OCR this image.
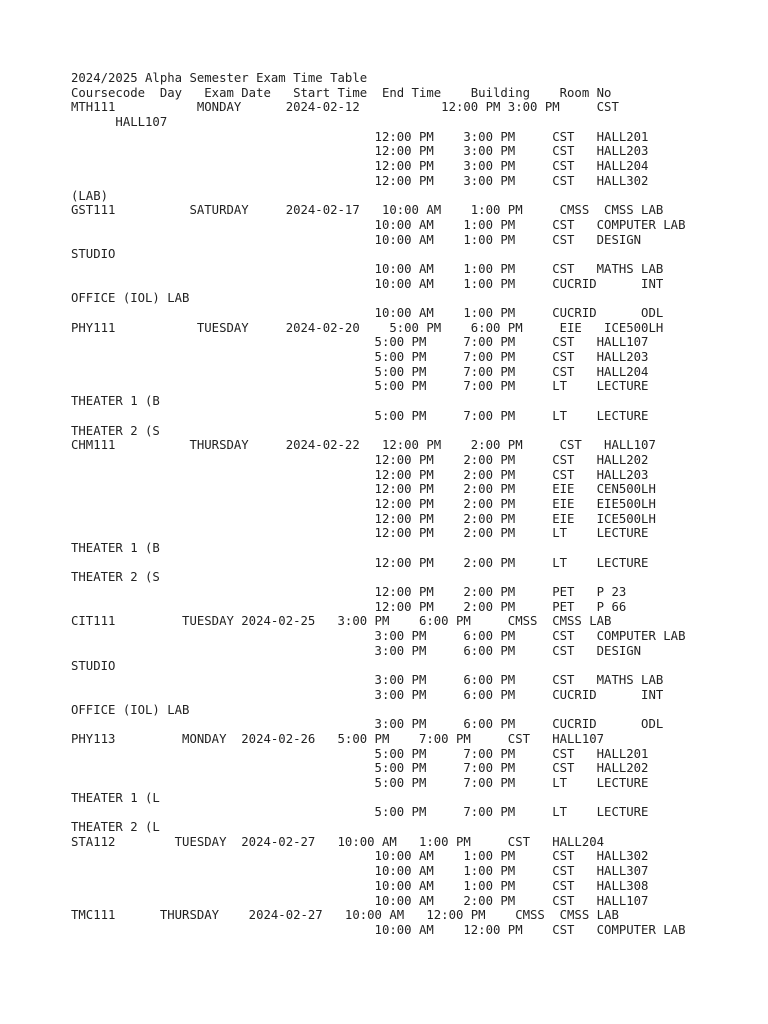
2024/2025 Alpha Semester Exam Time Table
Coursecode  Day   Exam Date   Start Time  End Time    Building    Room No
MTH111           MONDAY      2024-02-12           12:00 PM 3:00 PM     CST
HALL107
12:00 PM    3:00 PM     CST   HALL201
12:00 PM    3:00 PM     CST   HALL203
12:00 PM    3:00 PM     CST   HALL204
12:00 PM    3:00 PM     CST   HALL302
(LAB)
GST111          SATURDAY     2024-02-17   10:00 AM    1:00 PM     CMSS  CMSS LAB
10:00 AM    1:00 PM     CST   COMPUTER LAB
10:00 AM    1:00 PM     CST   DESIGN
STUDIO
10:00 AM    1:00 PM     CST   MATHS LAB
10:00 AM    1:00 PM     CUCRID      INT
OFFICE (IOL) LAB
10:00 AM    1:00 PM     CUCRID      ODL
PHY111           TUESDAY     2024-02-20    5:00 PM    6:00 PM     EIE   ICE500LH
5:00 PM     7:00 PM     CST   HALL107
5:00 PM     7:00 PM     CST   HALL203
5:00 PM     7:00 PM     CST   HALL204
5:00 PM     7:00 PM     LT    LECTURE
THEATER 1 (B
5:00 PM     7:00 PM     LT    LECTURE
THEATER 2 (S
CHM111          THURSDAY     2024-02-22   12:00 PM    2:00 PM     CST   HALL107
12:00 PM    2:00 PM     CST   HALL202
12:00 PM    2:00 PM     CST   HALL203
12:00 PM    2:00 PM     EIE   CEN500LH
12:00 PM    2:00 PM     EIE   EIE500LH
12:00 PM    2:00 PM     EIE   ICE500LH
12:00 PM    2:00 PM     LT    LECTURE
THEATER 1 (B
12:00 PM    2:00 PM     LT    LECTURE
THEATER 2 (S
12:00 PM    2:00 PM     PET   P 23
12:00 PM    2:00 PM     PET   P 66
CIT111         TUESDAY 2024-02-25   3:00 PM    6:00 PM     CMSS  CMSS LAB
3:00 PM     6:00 PM     CST   COMPUTER LAB
3:00 PM     6:00 PM     CST   DESIGN
STUDIO
3:00 PM     6:00 PM     CST   MATHS LAB
3:00 PM     6:00 PM     CUCRID      INT
OFFICE (IOL) LAB
3:00 PM     6:00 PM     CUCRID      ODL
PHY113         MONDAY  2024-02-26   5:00 PM    7:00 PM     CST   HALL107
5:00 PM     7:00 PM     CST   HALL201
5:00 PM     7:00 PM     CST   HALL202
5:00 PM     7:00 PM     LT    LECTURE
THEATER 1 (L
5:00 PM     7:00 PM     LT    LECTURE
THEATER 2 (L
STA112        TUESDAY  2024-02-27   10:00 AM   1:00 PM     CST   HALL204
10:00 AM    1:00 PM     CST   HALL302
10:00 AM    1:00 PM     CST   HALL307
10:00 AM    1:00 PM     CST   HALL308
10:00 AM    2:00 PM     CST   HALL107
TMC111      THURSDAY    2024-02-27   10:00 AM   12:00 PM    CMSS  CMSS LAB
10:00 AM    12:00 PM    CST   COMPUTER LAB
